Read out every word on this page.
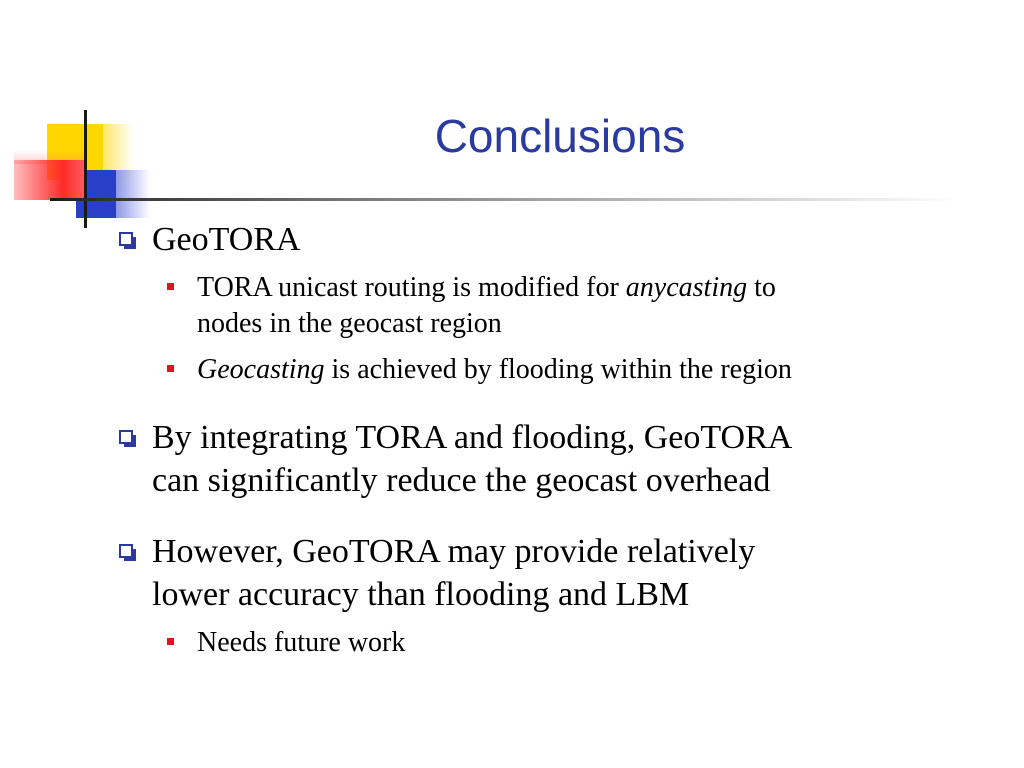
Conclusions
GeoTORA
TORA unicast routing is modified for anycasting to
nodes in the geocast region
Geocasting is achieved by flooding within the region
By integrating TORA and flooding, GeoTORA
can significantly reduce the geocast overhead
However, GeoTORA may provide relatively
lower accuracy than flooding and LBM
Needs future work
